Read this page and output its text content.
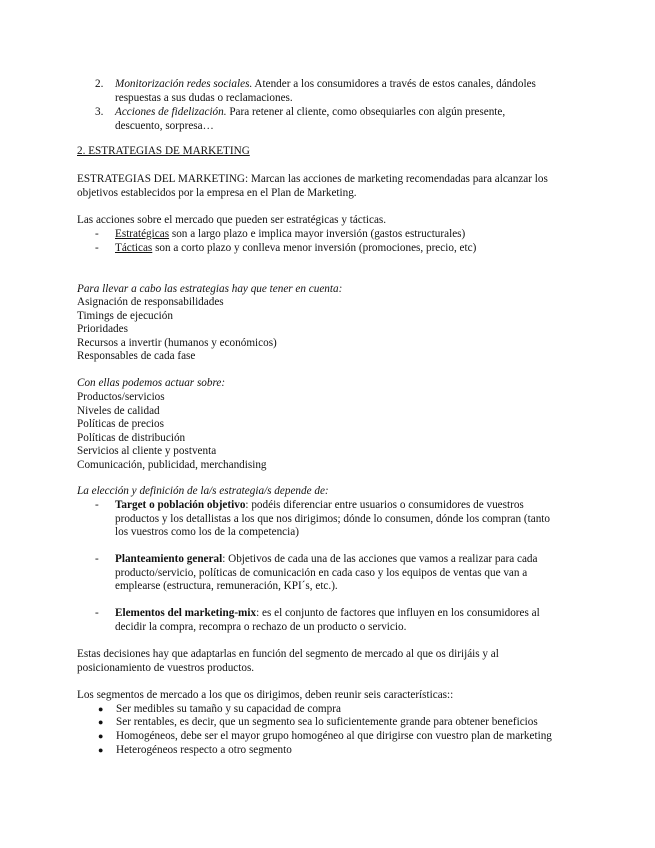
2. Monitorización redes sociales. Atender a los consumidores a través de estos canales, dándoles
respuestas a sus dudas o reclamaciones.

3. Acciones de fidelización. Para retener al cliente, como obsequiarles con algún presente,
descuento, sorpresa…

2. ESTRATEGIAS DE MARKETING

ESTRATEGIAS DEL MARKETING: Marcan las acciones de marketing recomendadas para alcanzar los
objetivos establecidos por la empresa en el Plan de Marketing.

Las acciones sobre el mercado que pueden ser estratégicas y tácticas.

- Estratégicas son a largo plazo e implica mayor inversión (gastos estructurales)

- Tácticas son a corto plazo y conlleva menor inversión (promociones, precio, etc)

Para llevar a cabo las estrategias hay que tener en cuenta:

Asignación de responsabilidades
Timings de ejecución
Prioridades
Recursos a invertir (humanos y económicos)
Responsables de cada fase

Con ellas podemos actuar sobre:

Productos/servicios
Niveles de calidad
Políticas de precios
Políticas de distribución
Servicios al cliente y postventa
Comunicación, publicidad, merchandising

La elección y definición de la/s estrategia/s depende de:

- Target o población objetivo: podéis diferenciar entre usuarios o consumidores de vuestros
productos y los detallistas a los que nos dirigimos; dónde lo consumen, dónde los compran (tanto
los vuestros como los de la competencia)

- Planteamiento general: Objetivos de cada una de las acciones que vamos a realizar para cada
producto/servicio, políticas de comunicación en cada caso y los equipos de ventas que van a
emplearse (estructura, remuneración, KPI´s, etc.).

- Elementos del marketing-mix: es el conjunto de factores que influyen en los consumidores al
decidir la compra, recompra o rechazo de un producto o servicio.

Estas decisiones hay que adaptarlas en función del segmento de mercado al que os dirijáis y al
posicionamiento de vuestros productos.

Los segmentos de mercado a los que os dirigimos, deben reunir seis características::

● Ser medibles su tamaño y su capacidad de compra

● Ser rentables, es decir, que un segmento sea lo suficientemente grande para obtener beneficios

● Homogéneos, debe ser el mayor grupo homogéneo al que dirigirse con vuestro plan de marketing

● Heterogéneos respecto a otro segmento
